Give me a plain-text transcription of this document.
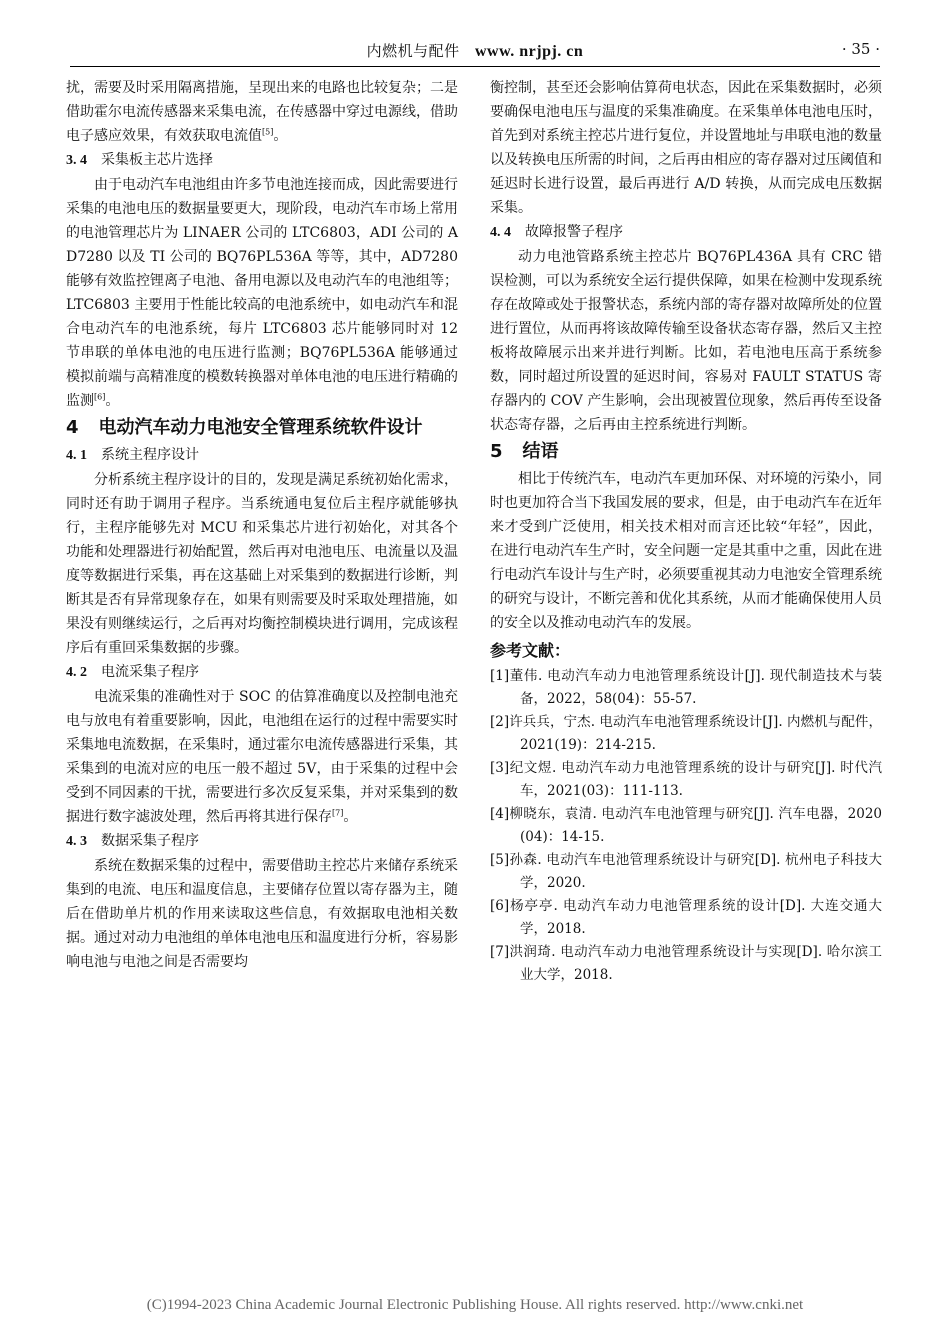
内燃机与配件 www. nrjpj. cn	· 35 ·

扰，需要及时采用隔离措施，呈现出来的电路也比较复杂；二是借助霍尔电流传感器来采集电流，在传感器中穿过电源线，借助电子感应效果，有效获取电流值[5]。

3. 4 采集板主芯片选择

由于电动汽车电池组由许多节电池连接而成，因此需要进行采集的电池电压的数据量要更大，现阶段，电动汽车市场上常用的电池管理芯片为 LINAER 公司的 LTC6803，ADI 公司的 AD7280 以及 TI 公司的 BQ76PL536A 等等，其中，AD7280 能够有效监控锂离子电池、备用电源以及电动汽车的电池组等；LTC6803 主要用于性能比较高的电池系统中，如电动汽车和混合电动汽车的电池系统，每片 LTC6803 芯片能够同时对 12 节串联的单体电池的电压进行监测；BQ76PL536A 能够通过模拟前端与高精准度的模数转换器对单体电池的电压进行精确的监测[6]。

4 电动汽车动力电池安全管理系统软件设计
4. 1 系统主程序设计

分析系统主程序设计的目的，发现是满足系统初始化需求，同时还有助于调用子程序。当系统通电复位后主程序就能够执行，主程序能够先对 MCU 和采集芯片进行初始化，对其各个功能和处理器进行初始配置，然后再对电池电压、电流量以及温度等数据进行采集，再在这基础上对采集到的数据进行诊断，判断其是否有异常现象存在，如果有则需要及时采取处理措施，如果没有则继续运行，之后再对均衡控制模块进行调用，完成该程序后有重回采集数据的步骤。

4. 2 电流采集子程序

电流采集的准确性对于 SOC 的估算准确度以及控制电池充电与放电有着重要影响，因此，电池组在运行的过程中需要实时采集地电流数据，在采集时，通过霍尔电流传感器进行采集，其采集到的电流对应的电压一般不超过 5V，由于采集的过程中会受到不同因素的干扰，需要进行多次反复采集，并对采集到的数据进行数字滤波处理，然后再将其进行保存[7]。

4. 3 数据采集子程序

系统在数据采集的过程中，需要借助主控芯片来储存系统采集到的电流、电压和温度信息，主要储存位置以寄存器为主，随后在借助单片机的作用来读取这些信息，有效据取电池相关数据。通过对动力电池组的单体电池电压和温度进行分析，容易影响电池与电池之间是否需要均

衡控制，甚至还会影响估算荷电状态，因此在采集数据时，必须要确保电池电压与温度的采集准确度。在采集单体电池电压时，首先到对系统主控芯片进行复位，并设置地址与串联电池的数量以及转换电压所需的时间，之后再由相应的寄存器对过压阈值和延迟时长进行设置，最后再进行 A/D 转换，从而完成电压数据采集。

4. 4 故障报警子程序

动力电池管路系统主控芯片 BQ76PL436A 具有 CRC 错误检测，可以为系统安全运行提供保障，如果在检测中发现系统存在故障或处于报警状态，系统内部的寄存器对故障所处的位置进行置位，从而再将该故障传输至设备状态寄存器，然后又主控板将故障展示出来并进行判断。比如，若电池电压高于系统参数，同时超过所设置的延迟时间，容易对 FAULT STATUS 寄存器内的 COV 产生影响，会出现被置位现象，然后再传至设备状态寄存器，之后再由主控系统进行判断。

5 结语

相比于传统汽车，电动汽车更加环保、对环境的污染小，同时也更加符合当下我国发展的要求，但是，由于电动汽车在近年来才受到广泛使用，相关技术相对而言还比较“年轻”，因此，在进行电动汽车生产时，安全问题一定是其重中之重，因此在进行电动汽车设计与生产时，必须要重视其动力电池安全管理系统的研究与设计，不断完善和优化其系统，从而才能确保使用人员的安全以及推动电动汽车的发展。

参考文献：

[1]董伟. 电动汽车动力电池管理系统设计[J]. 现代制造技术与装备，2022，58(04)：55-57.

[2]许兵兵，宁杰. 电动汽车电池管理系统设计[J]. 内燃机与配件，2021(19)：214-215.

[3]纪文煜. 电动汽车动力电池管理系统的设计与研究[J]. 时代汽车，2021(03)：111-113.

[4]柳晓东，袁清. 电动汽车电池管理与研究[J]. 汽车电器，2020(04)：14-15.

[5]孙森. 电动汽车电池管理系统设计与研究[D]. 杭州电子科技大学，2020.

[6]杨亭亭. 电动汽车动力电池管理系统的设计[D]. 大连交通大学，2018.

[7]洪润琦. 电动汽车动力电池管理系统设计与实现[D]. 哈尔滨工业大学，2018.

(C)1994-2023 China Academic Journal Electronic Publishing House. All rights reserved. http://www.cnki.net
